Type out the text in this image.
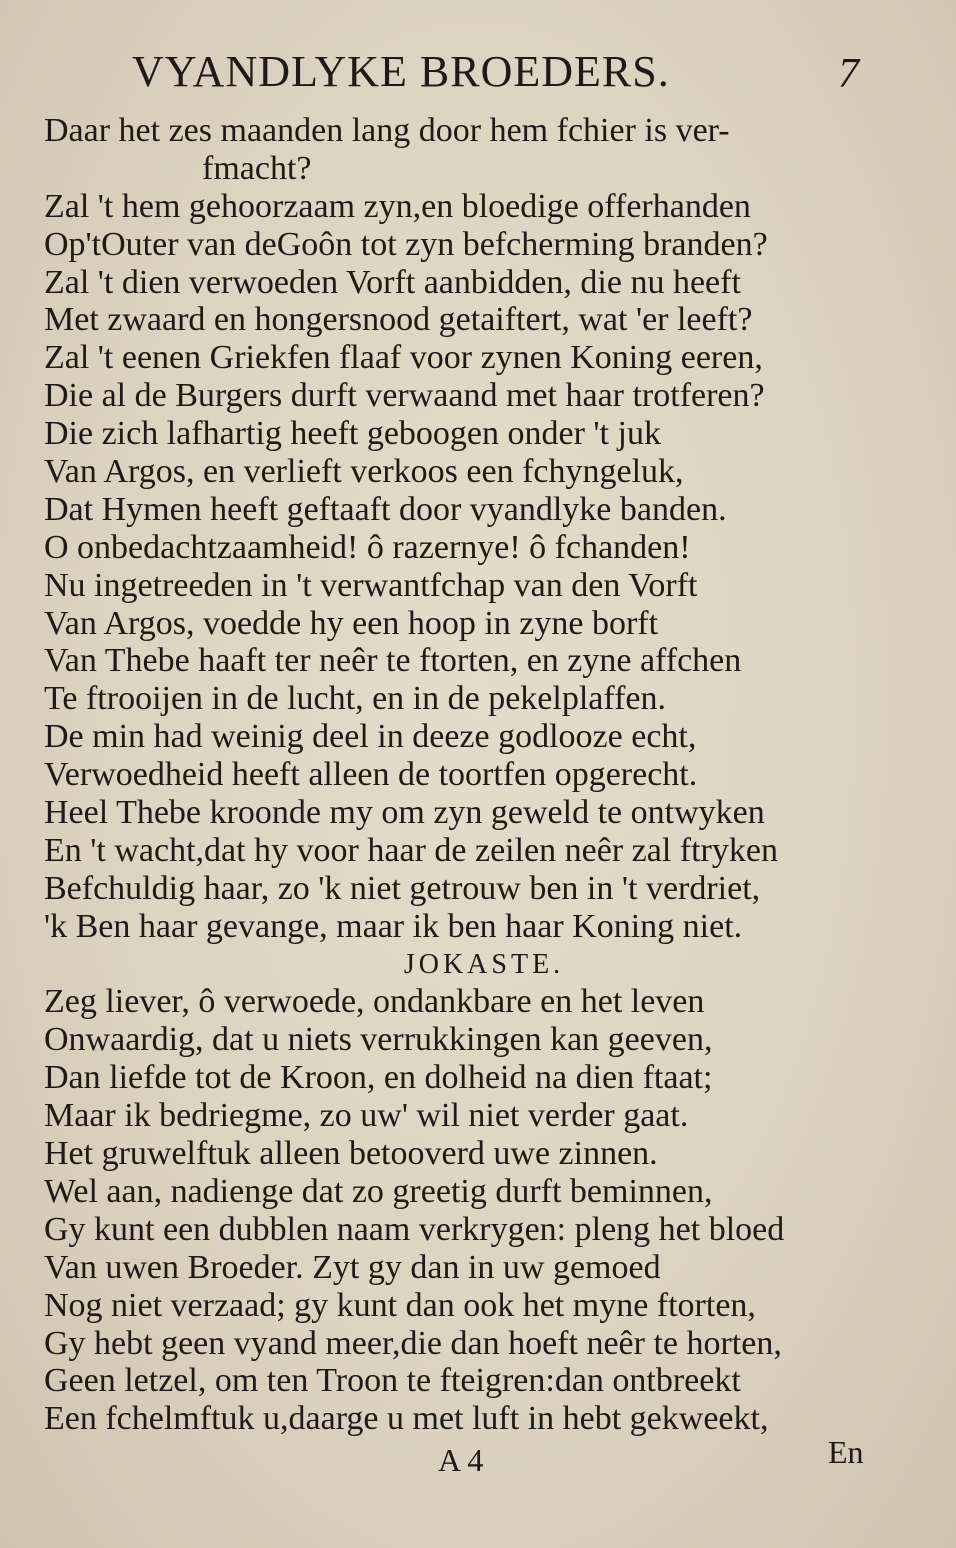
VYANDLYKE BROEDERS.	7
Daar het zes maanden lang door hem fchier is ver-
fmacht?
Zal 't hem gehoorzaam zyn,en bloedige offerhanden
Op'tOuter van deGoôn tot zyn befcherming branden?
Zal 't dien verwoeden Vorft aanbidden, die nu heeft
Met zwaard en hongersnood getaiftert, wat 'er leeft?
Zal 't eenen Griekfen flaaf voor zynen Koning eeren,
Die al de Burgers durft verwaand met haar trotferen?
Die zich lafhartig heeft geboogen onder 't juk
Van Argos, en verlieft verkoos een fchyngeluk,
Dat Hymen heeft geftaaft door vyandlyke banden.
O onbedachtzaamheid! ô razernye! ô fchanden!
Nu ingetreeden in 't verwantfchap van den Vorft
Van Argos, voedde hy een hoop in zyne borft
Van Thebe haaft ter neêr te ftorten, en zyne affchen
Te ftrooijen in de lucht, en in de pekelplaffen.
De min had weinig deel in deeze godlooze echt,
Verwoedheid heeft alleen de toortfen opgerecht.
Heel Thebe kroonde my om zyn geweld te ontwyken
En 't wacht,dat hy voor haar de zeilen neêr zal ftryken
Befchuldig haar, zo 'k niet getrouw ben in 't verdriet,
'k Ben haar gevange, maar ik ben haar Koning niet.
JOKASTE.
Zeg liever, ô verwoede, ondankbare en het leven
Onwaardig, dat u niets verrukkingen kan geeven,
Dan liefde tot de Kroon, en dolheid na dien ftaat;
Maar ik bedriegme, zo uw' wil niet verder gaat.
Het gruwelftuk alleen betooverd uwe zinnen.
Wel aan, nadienge dat zo greetig durft beminnen,
Gy kunt een dubblen naam verkrygen: pleng het bloed
Van uwen Broeder. Zyt gy dan in uw gemoed
Nog niet verzaad; gy kunt dan ook het myne ftorten,
Gy hebt geen vyand meer,die dan hoeft neêr te horten,
Geen letzel, om ten Troon te fteigren:dan ontbreekt
Een fchelmftuk u,daarge u met luft in hebt gekweekt,
A 4	En
